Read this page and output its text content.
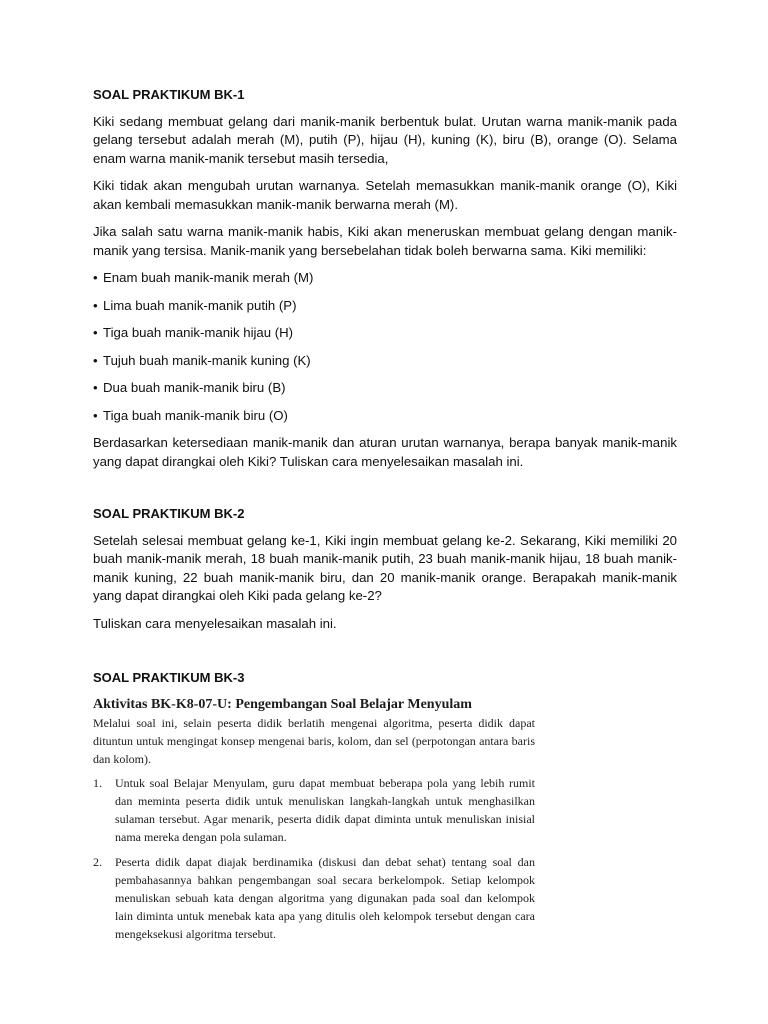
SOAL PRAKTIKUM BK-1

Kiki sedang membuat gelang dari manik-manik berbentuk bulat. Urutan warna manik-manik pada gelang tersebut adalah merah (M), putih (P), hijau (H), kuning (K), biru (B), orange (O). Selama enam warna manik-manik tersebut masih tersedia,

Kiki tidak akan mengubah urutan warnanya. Setelah memasukkan manik-manik orange (O), Kiki akan kembali memasukkan manik-manik berwarna merah (M).

Jika salah satu warna manik-manik habis, Kiki akan meneruskan membuat gelang dengan manik-manik yang tersisa. Manik-manik yang bersebelahan tidak boleh berwarna sama. Kiki memiliki:

• Enam buah manik-manik merah (M)
• Lima buah manik-manik putih (P)
• Tiga buah manik-manik hijau (H)
• Tujuh buah manik-manik kuning (K)
• Dua buah manik-manik biru (B)
• Tiga buah manik-manik biru (O)

Berdasarkan ketersediaan manik-manik dan aturan urutan warnanya, berapa banyak manik-manik yang dapat dirangkai oleh Kiki? Tuliskan cara menyelesaikan masalah ini.

SOAL PRAKTIKUM BK-2

Setelah selesai membuat gelang ke-1, Kiki ingin membuat gelang ke-2. Sekarang, Kiki memiliki 20 buah manik-manik merah, 18 buah manik-manik putih, 23 buah manik-manik hijau, 18 buah manik-manik kuning, 22 buah manik-manik biru, dan 20 manik-manik orange. Berapakah manik-manik yang dapat dirangkai oleh Kiki pada gelang ke-2?

Tuliskan cara menyelesaikan masalah ini.

SOAL PRAKTIKUM BK-3

Aktivitas BK-K8-07-U: Pengembangan Soal Belajar Menyulam

Melalui soal ini, selain peserta didik berlatih mengenai algoritma, peserta didik dapat dituntun untuk mengingat konsep mengenai baris, kolom, dan sel (perpotongan antara baris dan kolom).

1.	Untuk soal Belajar Menyulam, guru dapat membuat beberapa pola yang lebih rumit dan meminta peserta didik untuk menuliskan langkah-langkah untuk menghasilkan sulaman tersebut. Agar menarik, peserta didik dapat diminta untuk menuliskan inisial nama mereka dengan pola sulaman.
2.	Peserta didik dapat diajak berdinamika (diskusi dan debat sehat) tentang soal dan pembahasannya bahkan pengembangan soal secara berkelompok. Setiap kelompok menuliskan sebuah kata dengan algoritma yang digunakan pada soal dan kelompok lain diminta untuk menebak kata apa yang ditulis oleh kelompok tersebut dengan cara mengeksekusi algoritma tersebut.
